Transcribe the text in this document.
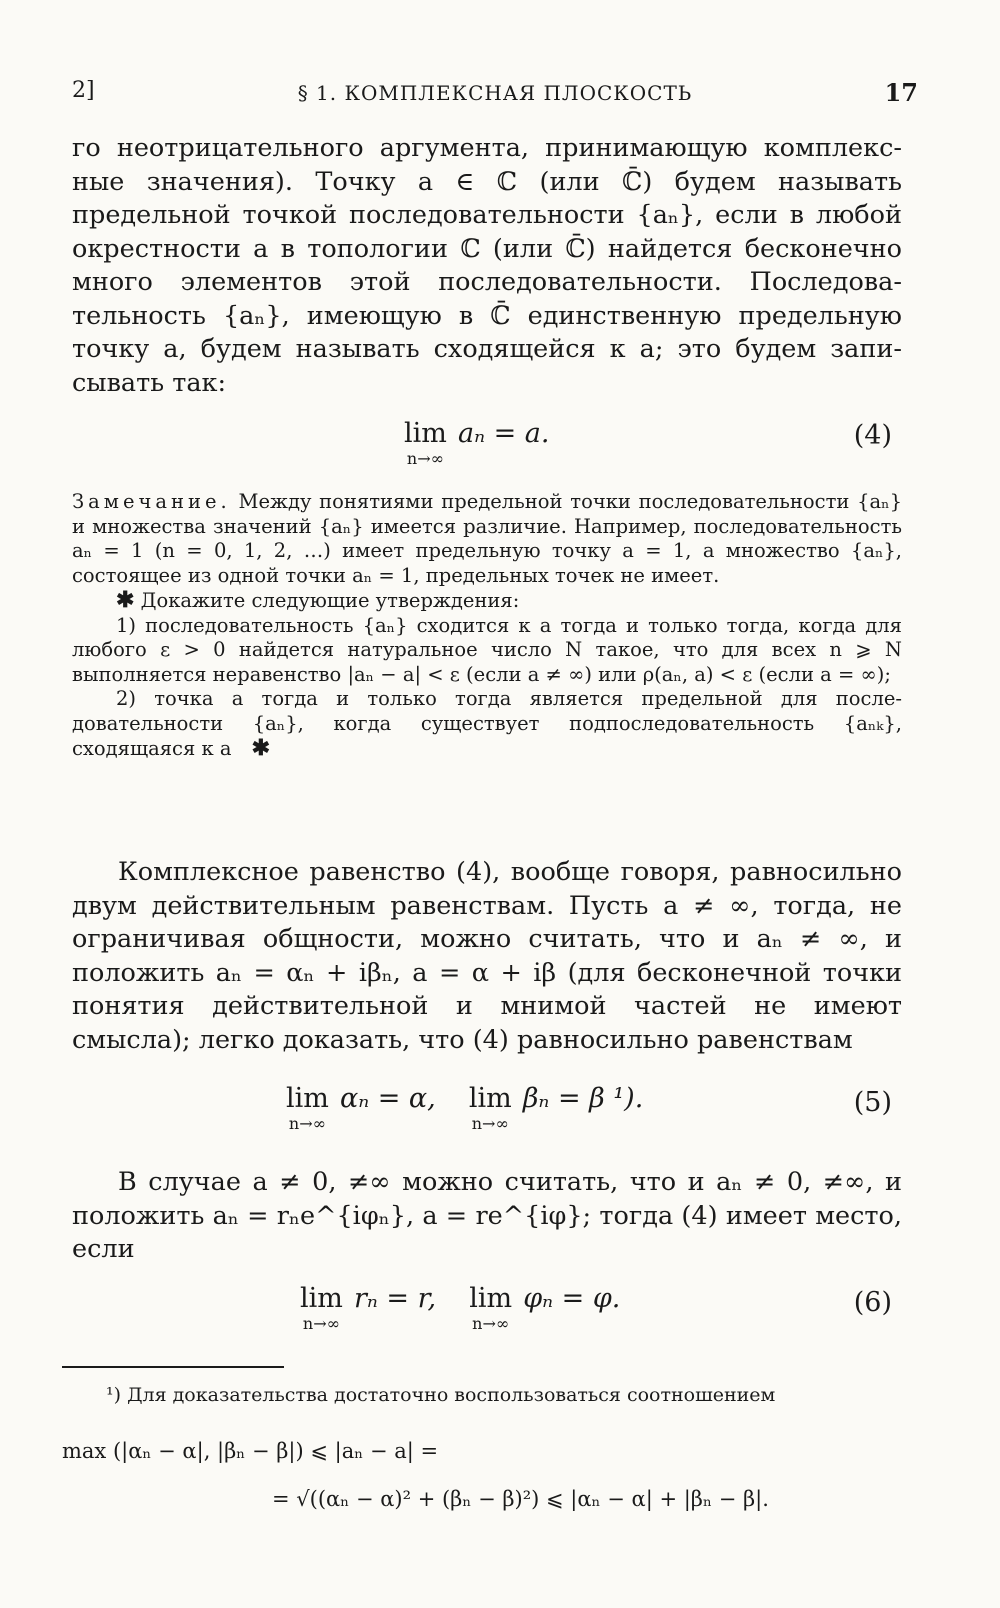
2]	§ 1. КОМПЛЕКСНАЯ ПЛОСКОСТЬ	17
го неотрицательного аргумента, принимающую комплексные значения). Точку a ∈ ℂ (или ℂ̄) будем называть предельной точкой последовательности {aₙ}, если в любой окрестности a в топологии ℂ (или ℂ̄) найдется бесконечно много элементов этой последовательности. Последовательность {aₙ}, имеющую в ℂ̄ единственную предельную точку a, будем называть сходящейся к a; это будем записывать так:
lim
n→∞
aₙ = a.	(4)
Замечание. Между понятиями предельной точки последовательности {aₙ} и множества значений {aₙ} имеется различие. Например, последовательность aₙ = 1 (n = 0, 1, 2, …) имеет предельную точку a = 1, а множество {aₙ}, состоящее из одной точки aₙ = 1, предельных точек не имеет.
✱ Докажите следующие утверждения:
1) последовательность {aₙ} сходится к a тогда и только тогда, когда для любого ε > 0 найдется натуральное число N такое, что для всех n ⩾ N выполняется неравенство |aₙ − a| < ε (если a ≠ ∞) или ρ(aₙ, a) < ε (если a = ∞);
2) точка a тогда и только тогда является предельной для последовательности {aₙ}, когда существует подпоследовательность {aₙₖ}, сходящаяся к a ✱
Комплексное равенство (4), вообще говоря, равносильно двум действительным равенствам. Пусть a ≠ ∞, тогда, не ограничивая общности, можно считать, что и aₙ ≠ ∞, и положить aₙ = αₙ + iβₙ, a = α + iβ (для бесконечной точки понятия действительной и мнимой частей не имеют смысла); легко доказать, что (4) равносильно равенствам
lim
n→∞
αₙ = α, lim
n→∞
βₙ = β ¹).	(5)
В случае a ≠ 0, ≠∞ можно считать, что и aₙ ≠ 0, ≠∞, и положить aₙ = rₙe^{iφₙ}, a = re^{iφ}; тогда (4) имеет место, если
lim
n→∞
rₙ = r, lim
n→∞
φₙ = φ.	(6)
¹) Для доказательства достаточно воспользоваться соотношением
max (|αₙ − α|, |βₙ − β|) ⩽ |aₙ − a| =
= √((αₙ − α)² + (βₙ − β)²) ⩽ |αₙ − α| + |βₙ − β|.
